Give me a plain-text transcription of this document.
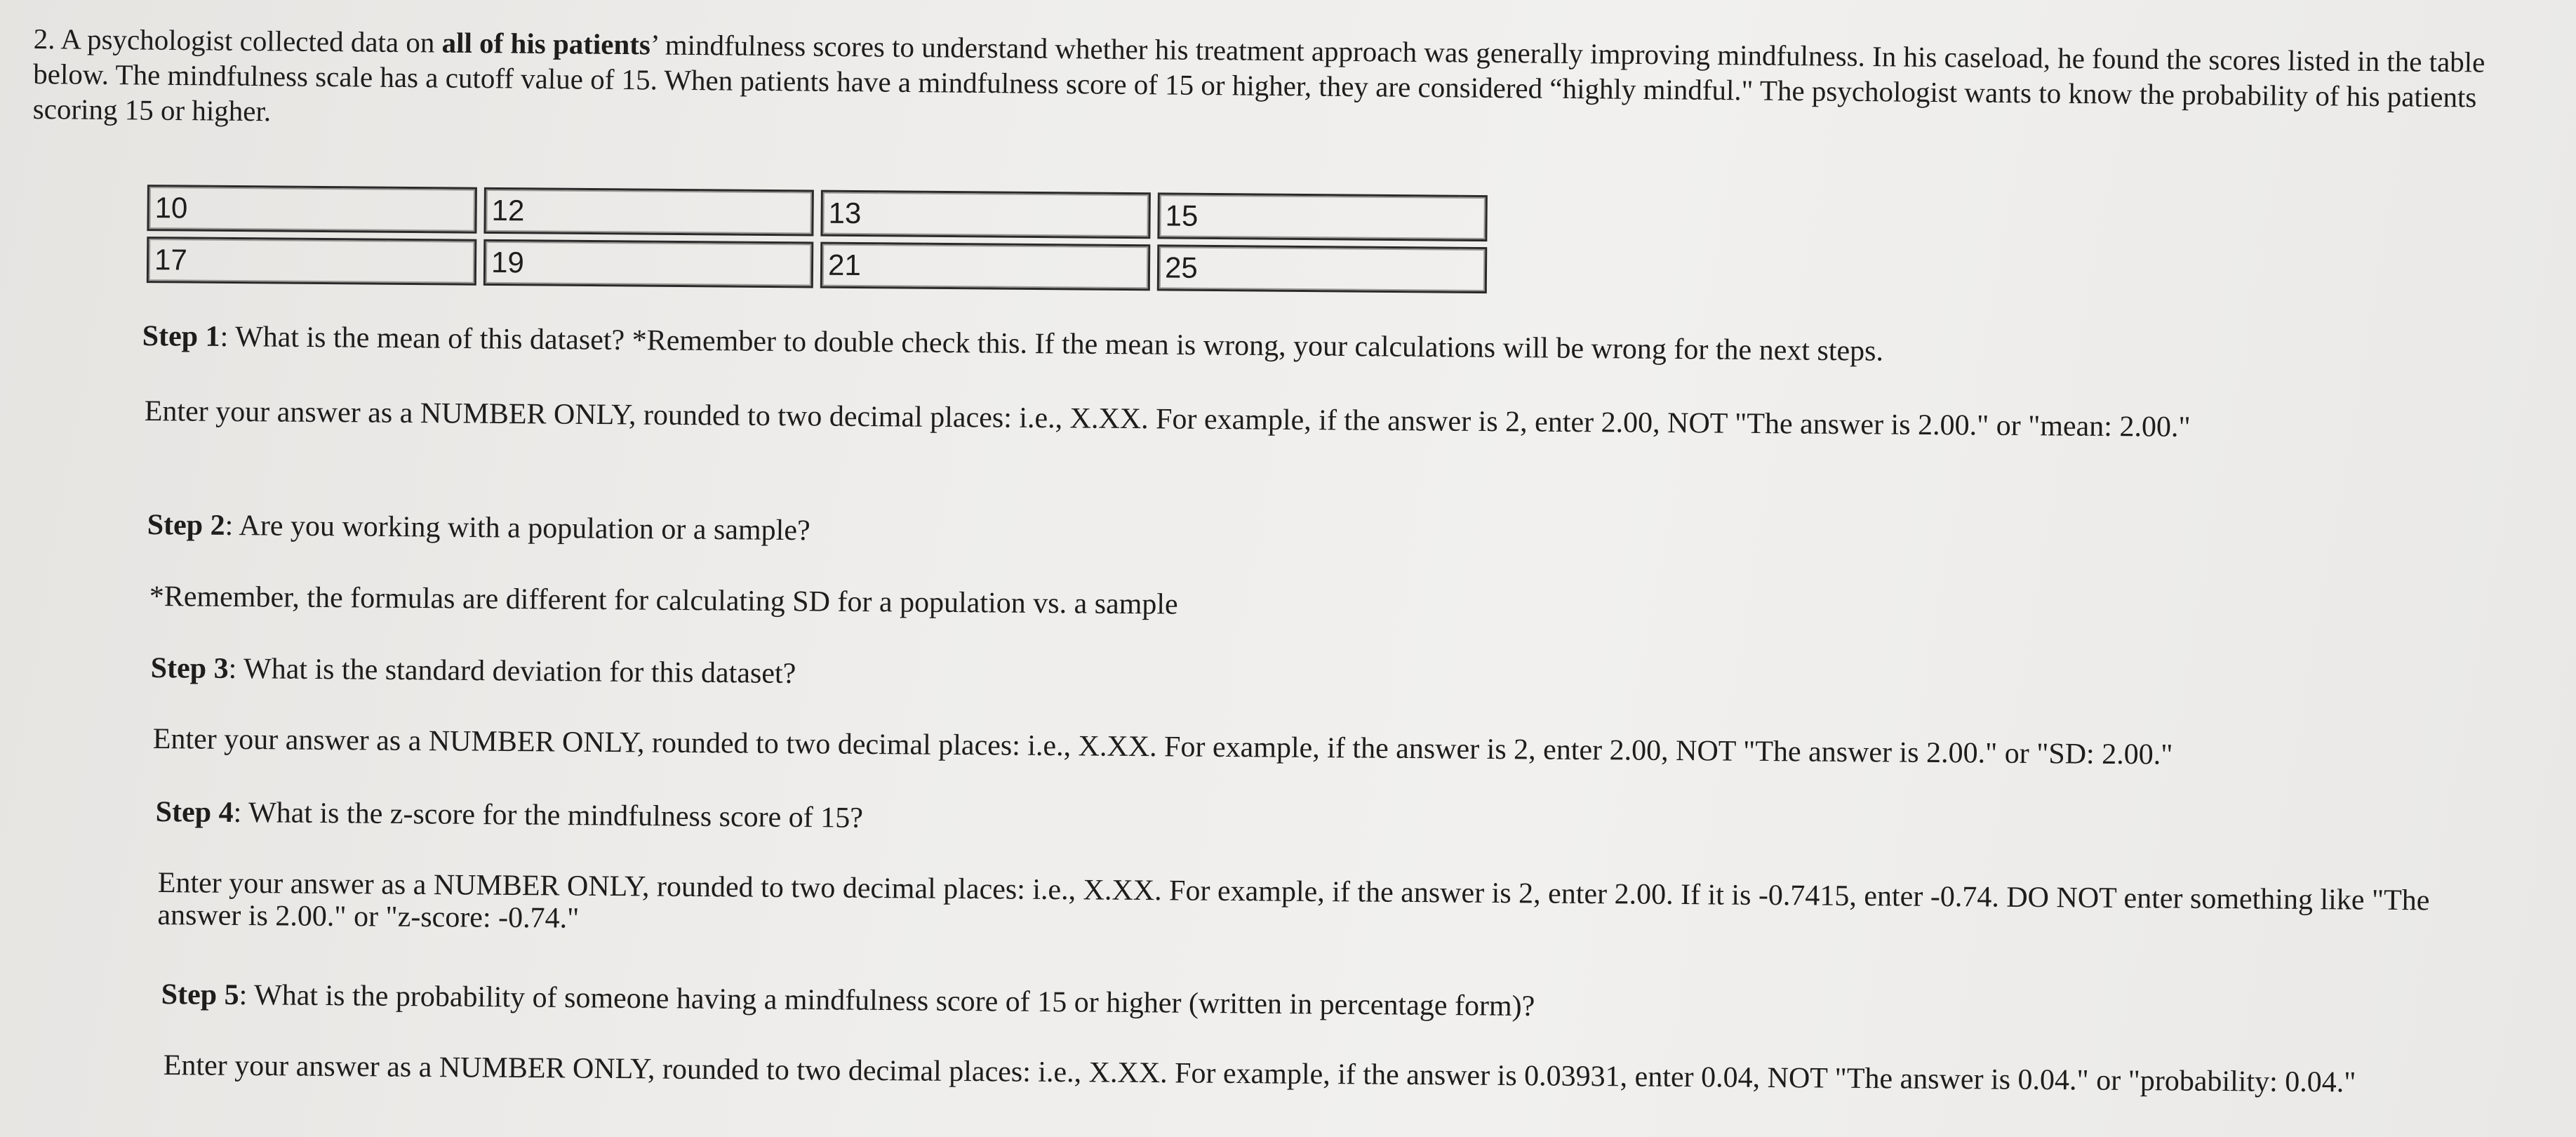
2. A psychologist collected data on all of his patients’ mindfulness scores to understand whether his treatment approach was generally improving mindfulness. In his caseload, he found the scores listed in the table below. The mindfulness scale has a cutoff value of 15. When patients have a mindfulness score of 15 or higher, they are considered “highly mindful." The psychologist wants to know the probability of his patients scoring 15 or higher.
10	12	13	15
17	19	21	25
Step 1: What is the mean of this dataset? *Remember to double check this. If the mean is wrong, your calculations will be wrong for the next steps.
Enter your answer as a NUMBER ONLY, rounded to two decimal places: i.e., X.XX. For example, if the answer is 2, enter 2.00, NOT "The answer is 2.00." or "mean: 2.00."
Step 2: Are you working with a population or a sample?
*Remember, the formulas are different for calculating SD for a population vs. a sample
Step 3: What is the standard deviation for this dataset?
Enter your answer as a NUMBER ONLY, rounded to two decimal places: i.e., X.XX. For example, if the answer is 2, enter 2.00, NOT "The answer is 2.00." or "SD: 2.00."
Step 4: What is the z-score for the mindfulness score of 15?
Enter your answer as a NUMBER ONLY, rounded to two decimal places: i.e., X.XX. For example, if the answer is 2, enter 2.00. If it is -0.7415, enter -0.74. DO NOT enter something like "The answer is 2.00." or "z-score: -0.74."
Step 5: What is the probability of someone having a mindfulness score of 15 or higher (written in percentage form)?
Enter your answer as a NUMBER ONLY, rounded to two decimal places: i.e., X.XX. For example, if the answer is 0.03931, enter 0.04, NOT "The answer is 0.04." or "probability: 0.04."
